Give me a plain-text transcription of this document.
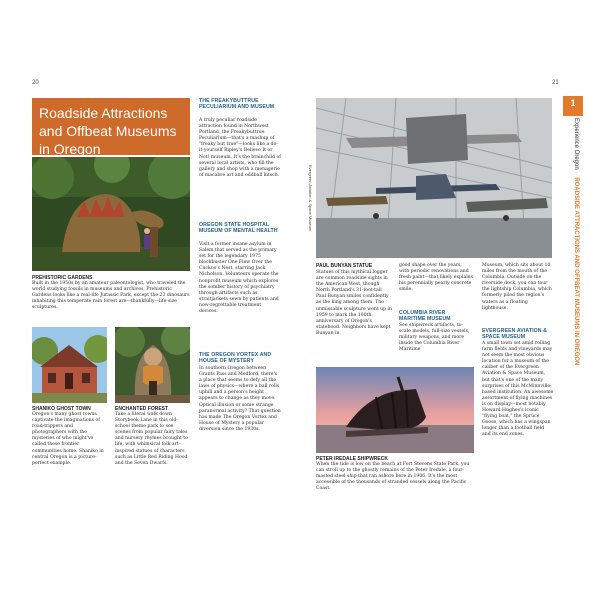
20	21
Roadside Attractions and Offbeat Museums in Oregon
PREHISTORIC GARDENS
Built in the 1950s by an amateur paleontologist, who traveled the world studying fossils in museums and archives, Prehistoric Gardens looks like a real-life Jurassic Park, except the 23 dinosaurs inhabiting this temperate rain forest are—thankfully—life-size sculptures.
SHANIKO GHOST TOWN
Oregon's many ghost towns captivate the imaginations of road-trippers and photographers with the mysteries of who might've called these frontier communities home. Shaniko in central Oregon is a picture-perfect example.
ENCHANTED FOREST
Take a literal walk down Storybook Lane in this old-school theme park to see scenes from popular fairy tales and nursery rhymes brought to life, with whimsical folk art–inspired statues of characters such as Little Red Riding Hood and the Seven Dwarfs.
THE FREAKYBUTTRUE PECULIARIUM AND MUSEUM
A truly peculiar roadside attraction found in Northwest Portland, the Freakybuttrue Peculiarium—that's a mashup of "freaky but true"—looks like a do-it-yourself Ripley's Believe It or Not! museum. It's the brainchild of several local artists, who fill the gallery and shop with a menagerie of macabre art and oddball kitsch.
OREGON STATE HOSPITAL MUSEUM OF MENTAL HEALTH
Visit a former insane asylum in Salem that served as the primary set for the legendary 1975 blockbuster One Flew Over the Cuckoo's Nest, starring Jack Nicholson. Volunteers operate the nonprofit museum which explores the somber history of psychiatry through artifacts such as straitjackets sewn by patients and now-regrettable treatment devices.
THE OREGON VORTEX AND HOUSE OF MYSTERY
In southern Oregon between Grants Pass and Medford, there's a place that seems to defy all the laws of physics—where a ball rolls uphill and a person's height appears to change as they move. Optical illusion or some strange paranormal activity? That question has made The Oregon Vortex and House of Mystery a popular diversion since the 1930s.
Evergreen Aviation & Space Museum
PAUL BUNYAN STATUE
Statues of this mythical logger are common roadside sights in the American West, though North Portland's 31-foot-tall Paul Bunyan smiles confidently as the king among them. The unmissable sculpture went up in 1959 to mark the 100th anniversary of Oregon's statehood. Neighbors have kept Bunyan in
good shape over the years, with periodic renovations and fresh paint—that likely explains his perennially pearly concrete smile.
COLUMBIA RIVER MARITIME MUSEUM
See shipwreck artifacts, to-scale models, full-size vessels, military weapons, and more inside the Columbia River Maritime
Museum, which sits about 10 miles from the mouth of the Columbia. Outside on the riverside dock, you can tour the lightship Columbia, which formerly piled the region's waters as a floating lighthouse.
EVERGREEN AVIATION & SPACE MUSEUM
A small town set amid rolling farm fields and vineyards may not seem the most obvious location for a museum of the caliber of the Evergreen Aviation & Space Museum, but that's one of the many surprises of this McMinnville-based institution. An awesome assortment of flying machines is on display—most notably Howard Hughes's iconic "flying boat," the Spruce Goose, which has a wingspan longer than a football field and its end zones.
PETER IREDALE SHIPWRECK
When the tide is low on the beach at Fort Stevens State Park, you can stroll up to the ghostly remains of the Peter Iredale, a four-masted steel ship that ran ashore here in 1906. It's the most accessible of the thousands of stranded vessels along the Pacific Coast.
1
Experience Oregon ROADSIDE ATTRACTIONS AND OFFBEAT MUSEUMS IN OREGON
